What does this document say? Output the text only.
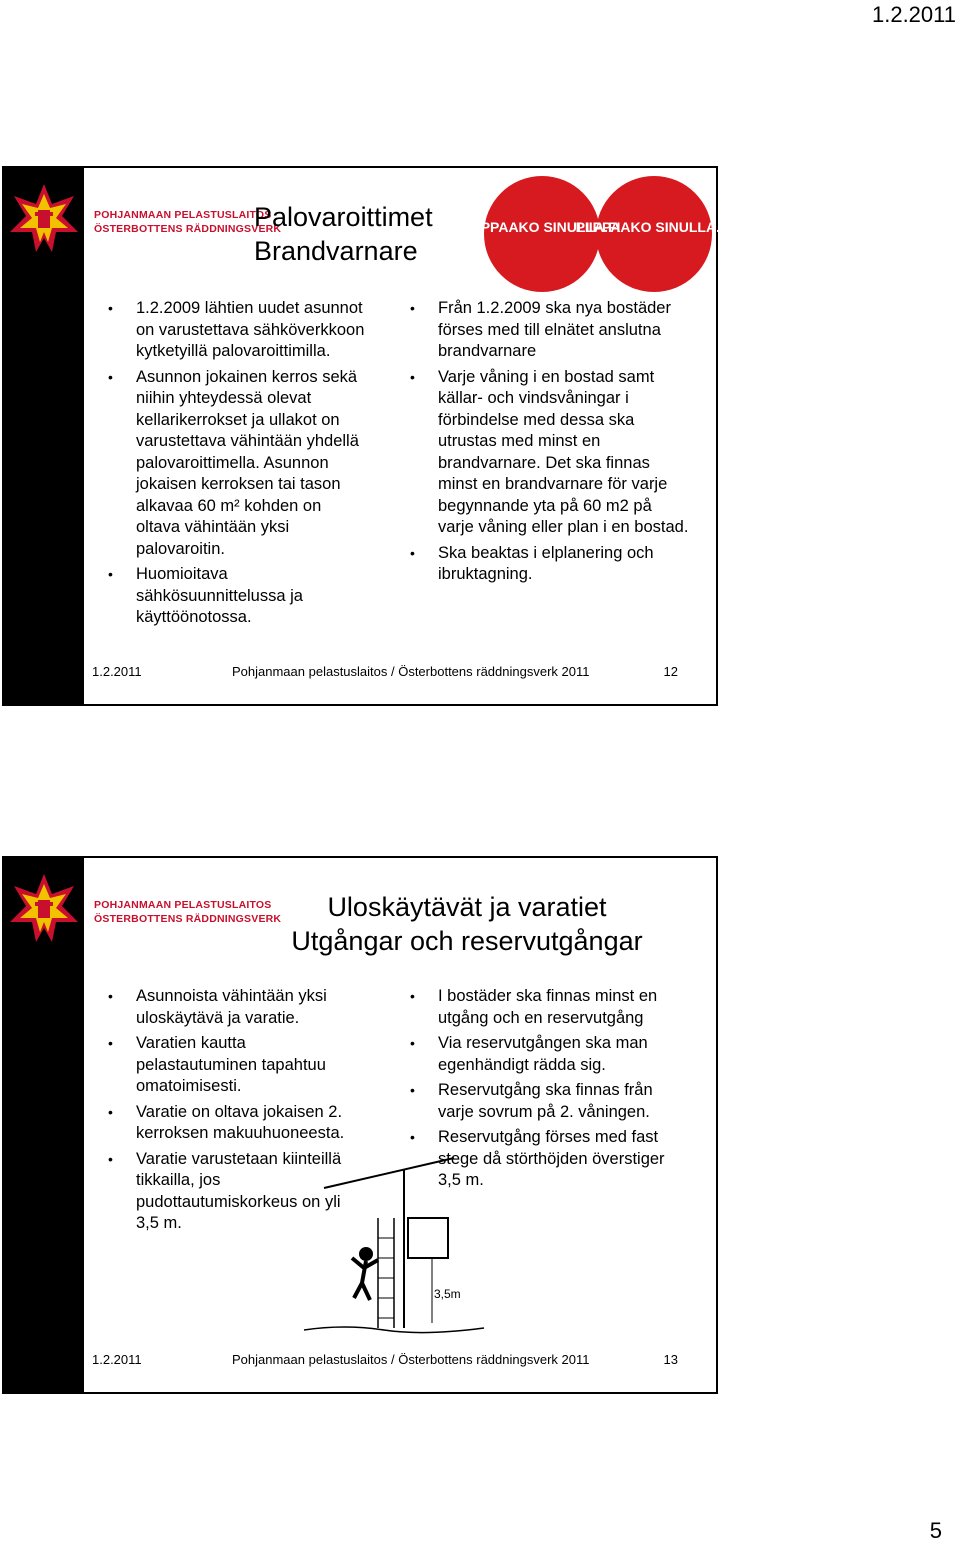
1.2.2011
POHJANMAAN PELASTUSLAITOS
ÖSTERBOTTENS RÄDDNINGSVERK
Palovaroittimet
Brandvarnare
PIIPPAAKO SINULLA.FI
PIIPPAAKO SINULLA.FI
• 1.2.2009 lähtien uudet asunnot on varustettava sähköverkkoon kytketyillä palovaroittimilla.
• Asunnon jokainen kerros sekä niihin yhteydessä olevat kellarikerrokset ja ullakot on varustettava vähintään yhdellä palovaroittimella. Asunnon jokaisen kerroksen tai tason alkavaa 60 m² kohden on oltava vähintään yksi palovaroitin.
• Huomioitava sähkösuunnittelussa ja käyttöönotossa.
• Från 1.2.2009 ska nya bostäder förses med till elnätet anslutna brandvarnare
• Varje våning i en bostad samt källar- och vindsvåningar i förbindelse med dessa ska utrustas med minst en brandvarnare. Det ska finnas minst en brandvarnare för varje begynnande yta på 60 m2 på varje våning eller plan i en bostad.
• Ska beaktas i elplanering och ibruktagning.
1.2.2011	Pohjanmaan pelastuslaitos / Österbottens räddningsverk 2011	12
POHJANMAAN PELASTUSLAITOS
ÖSTERBOTTENS RÄDDNINGSVERK	Uloskäytävät ja varatiet
Utgångar och reservutgångar
3,5m
• Asunnoista vähintään yksi uloskäytävä ja varatie.
• Varatien kautta pelastautuminen tapahtuu omatoimisesti.
• Varatie on oltava jokaisen 2. kerroksen makuuhuoneesta.
• Varatie varustetaan kiinteillä tikkailla, jos pudottautumiskorkeus on yli 3,5 m.
• I bostäder ska finnas minst en utgång och en reservutgång
• Via reservutgången ska man egenhändigt rädda sig.
• Reservutgång ska finnas från varje sovrum på 2. våningen.
• Reservutgång förses med fast stege då störthöjden överstiger 3,5 m.
1.2.2011	Pohjanmaan pelastuslaitos / Österbottens räddningsverk 2011	13
5
